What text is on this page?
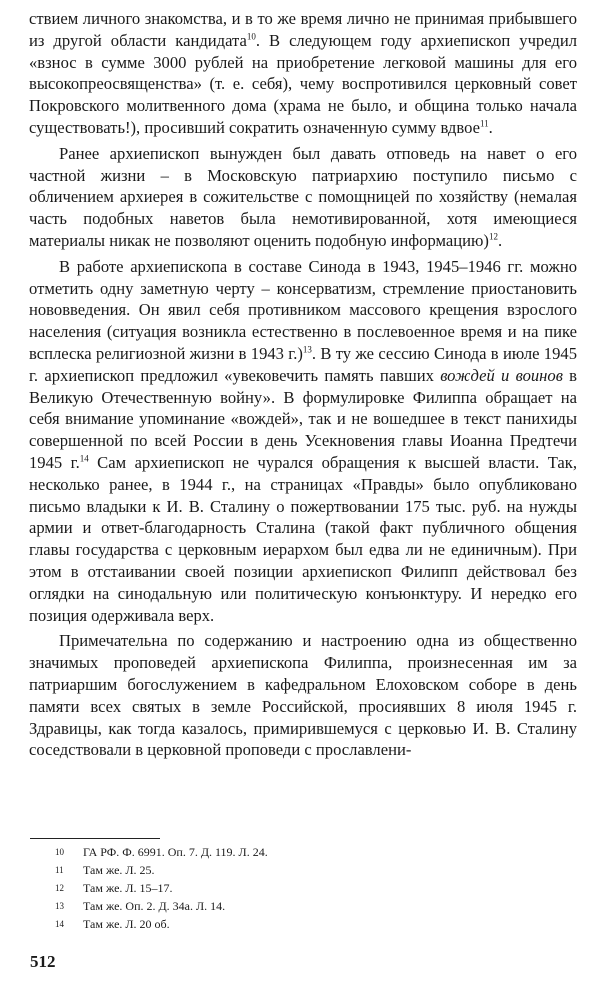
ствием личного знакомства, и в то же время лично не принимая прибывшего из другой области кандидата$^{10}$. В следующем году архиепископ учредил «взнос в сумме 3000 рублей на приобретение легковой машины для его высокопреосвященства» (т. е. себя), чему воспротивился церковный совет Покровского молитвенного дома (храма не было, и община только начала существовать!), просивший сократить означенную сумму вдвое$^{11}$.

Ранее архиепископ вынужден был давать отповедь на навет о его частной жизни – в Московскую патриархию поступило письмо с обличением архиерея в сожительстве с помощницей по хозяйству (немалая часть подобных наветов была немотивированной, хотя имеющиеся материалы никак не позволяют оценить подобную информацию)$^{12}$.

В работе архиепископа в составе Синода в 1943, 1945–1946 гг. можно отметить одну заметную черту – консерватизм, стремление приостановить нововведения. Он явил себя противником массового крещения взрослого населения (ситуация возникла естественно в послевоенное время и на пике всплеска религиозной жизни в 1943 г.)$^{13}$. В ту же сессию Синода в июле 1945 г. архиепископ предложил «увековечить память павших вождей и воинов в Великую Отечественную войну». В формулировке Филиппа обращает на себя внимание упоминание «вождей», так и не вошедшее в текст панихиды совершенной по всей России в день Усекновения главы Иоанна Предтечи 1945 г.$^{14}$ Сам архиепископ не чурался обращения к высшей власти. Так, несколько ранее, в 1944 г., на страницах «Правды» было опубликовано письмо владыки к И. В. Сталину о пожертвовании 175 тыс. руб. на нужды армии и ответ-благодарность Сталина (такой факт публичного общения главы государства с церковным иерархом был едва ли не единичным). При этом в отстаивании своей позиции архиепископ Филипп действовал без оглядки на синодальную или политическую конъюнктуру. И нередко его позиция одерживала верх.

Примечательна по содержанию и настроению одна из общественно значимых проповедей архиепископа Филиппа, произнесенная им за патриаршим богослужением в кафедральном Елоховском соборе в день памяти всех святых в земле Российской, просиявших 8 июля 1945 г. Здравицы, как тогда казалось, примирившемуся с церковью И. В. Сталину соседствовали в церковной проповеди с прославлени-

10	ГА РФ. Ф. 6991. Оп. 7. Д. 119. Л. 24.
11	Там же. Л. 25.
12	Там же. Л. 15–17.
13	Там же. Оп. 2. Д. 34а. Л. 14.
14	Там же. Л. 20 об.
512
